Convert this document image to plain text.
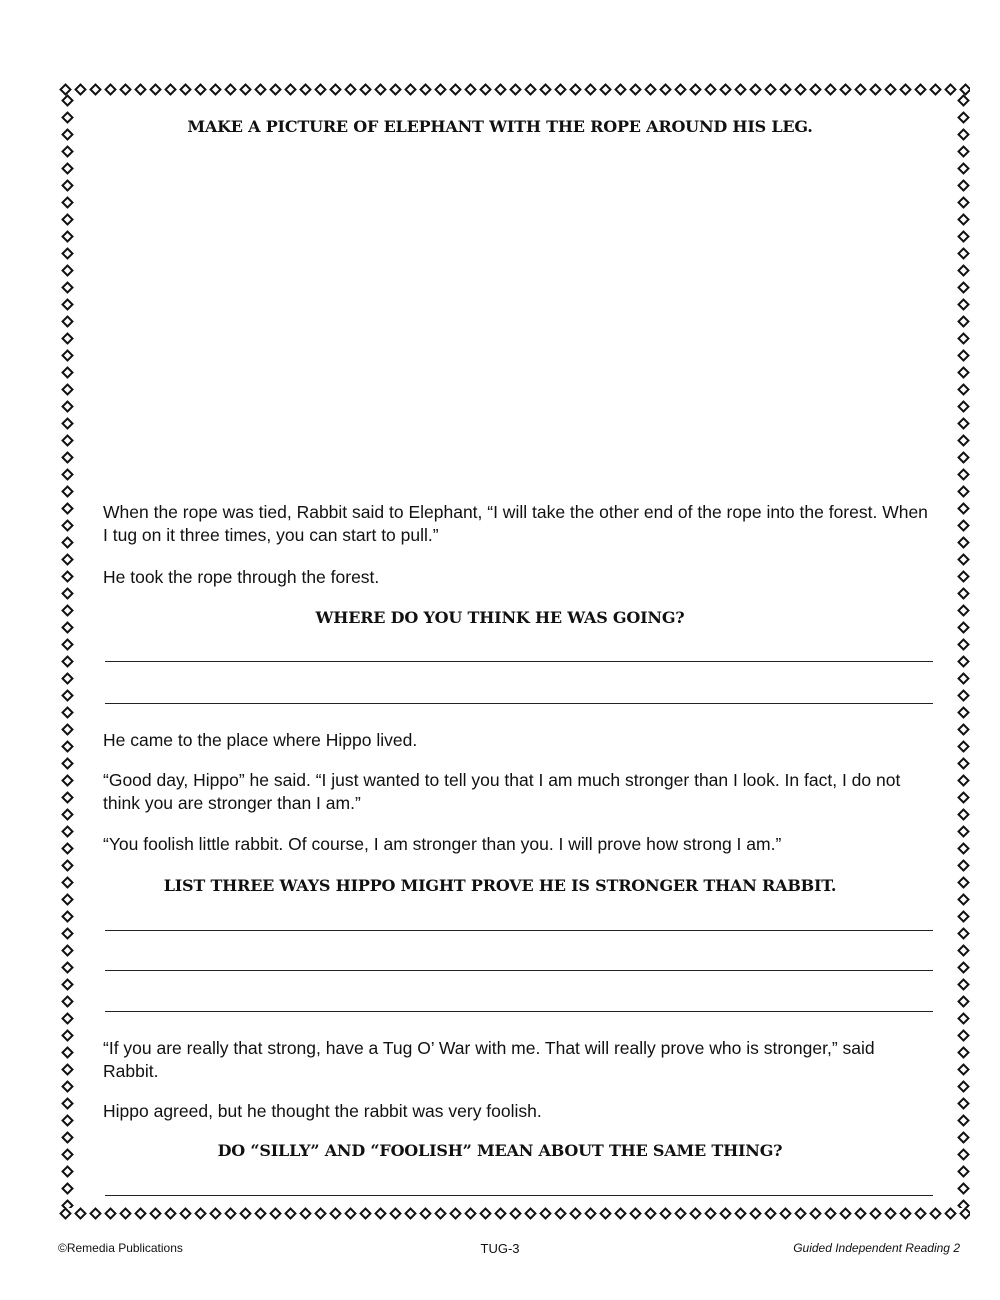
MAKE A PICTURE OF ELEPHANT WITH THE ROPE AROUND HIS LEG.
When the rope was tied, Rabbit said to Elephant, “I will take the other end of the rope into the forest. When I tug on it three times, you can start to pull.”
He took the rope through the forest.
WHERE DO YOU THINK HE WAS GOING?
He came to the place where Hippo lived.
“Good day, Hippo” he said. “I just wanted to tell you that I am much stronger than I look. In fact, I do not think you are stronger than I am.”
“You foolish little rabbit. Of course, I am stronger than you. I will prove how strong I am.”
LIST THREE WAYS HIPPO MIGHT PROVE HE IS STRONGER THAN RABBIT.
“If you are really that strong, have a Tug O’ War with me. That will really prove who is stronger,” said Rabbit.
Hippo agreed, but he thought the rabbit was very foolish.
DO “SILLY” AND “FOOLISH” MEAN ABOUT THE SAME THING?
©Remedia Publications	TUG-3	Guided Independent Reading 2
